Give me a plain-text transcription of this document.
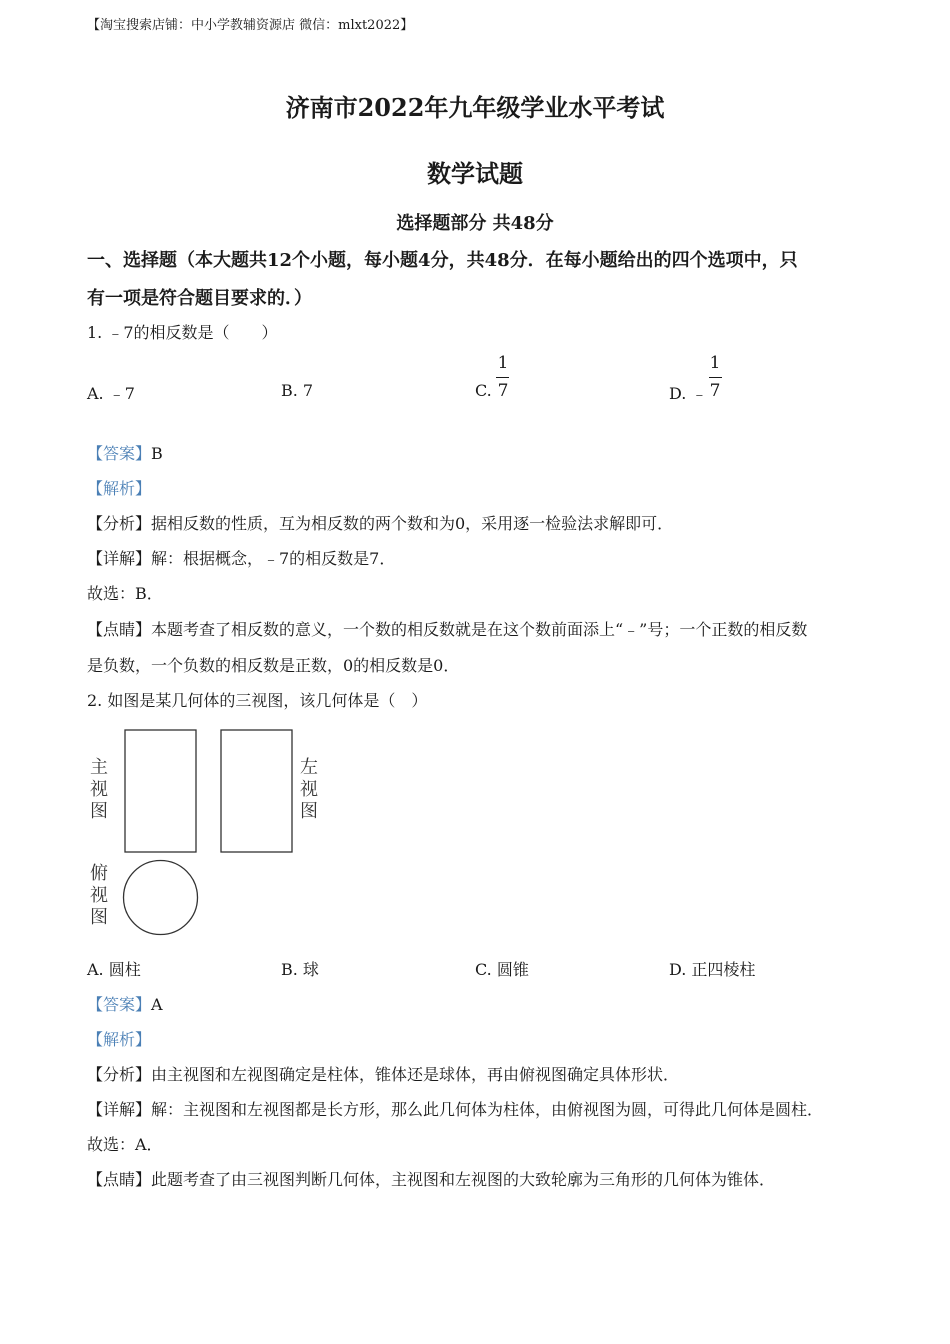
【淘宝搜索店铺：中小学教辅资源店 微信：mlxt2022】
济南市2022年九年级学业水平考试
数学试题
选择题部分 共48分
一、选择题（本大题共12个小题，每小题4分，共48分．在每小题给出的四个选项中，只
有一项是符合题目要求的．）
1. ﹣7的相反数是（　　）
A. ﹣7	B. 7	C.
1
7	D. ﹣
1
7
【答案】B
【解析】
【分析】据相反数的性质，互为相反数的两个数和为0，采用逐一检验法求解即可．
【详解】解：根据概念，﹣7的相反数是7．
故选：B．
【点睛】本题考查了相反数的意义，一个数的相反数就是在这个数前面添上“﹣”号；一个正数的相反数
是负数，一个负数的相反数是正数，0的相反数是0．
2. 如图是某几何体的三视图，该几何体是（　）
主
视
图
左
视
图
俯
视
图
A. 圆柱	B. 球	C. 圆锥	D. 正四棱柱
【答案】A
【解析】
【分析】由主视图和左视图确定是柱体，锥体还是球体，再由俯视图确定具体形状．
【详解】解：主视图和左视图都是长方形，那么此几何体为柱体，由俯视图为圆，可得此几何体是圆柱．
故选：A．
【点睛】此题考查了由三视图判断几何体，主视图和左视图的大致轮廓为三角形的几何体为锥体．
